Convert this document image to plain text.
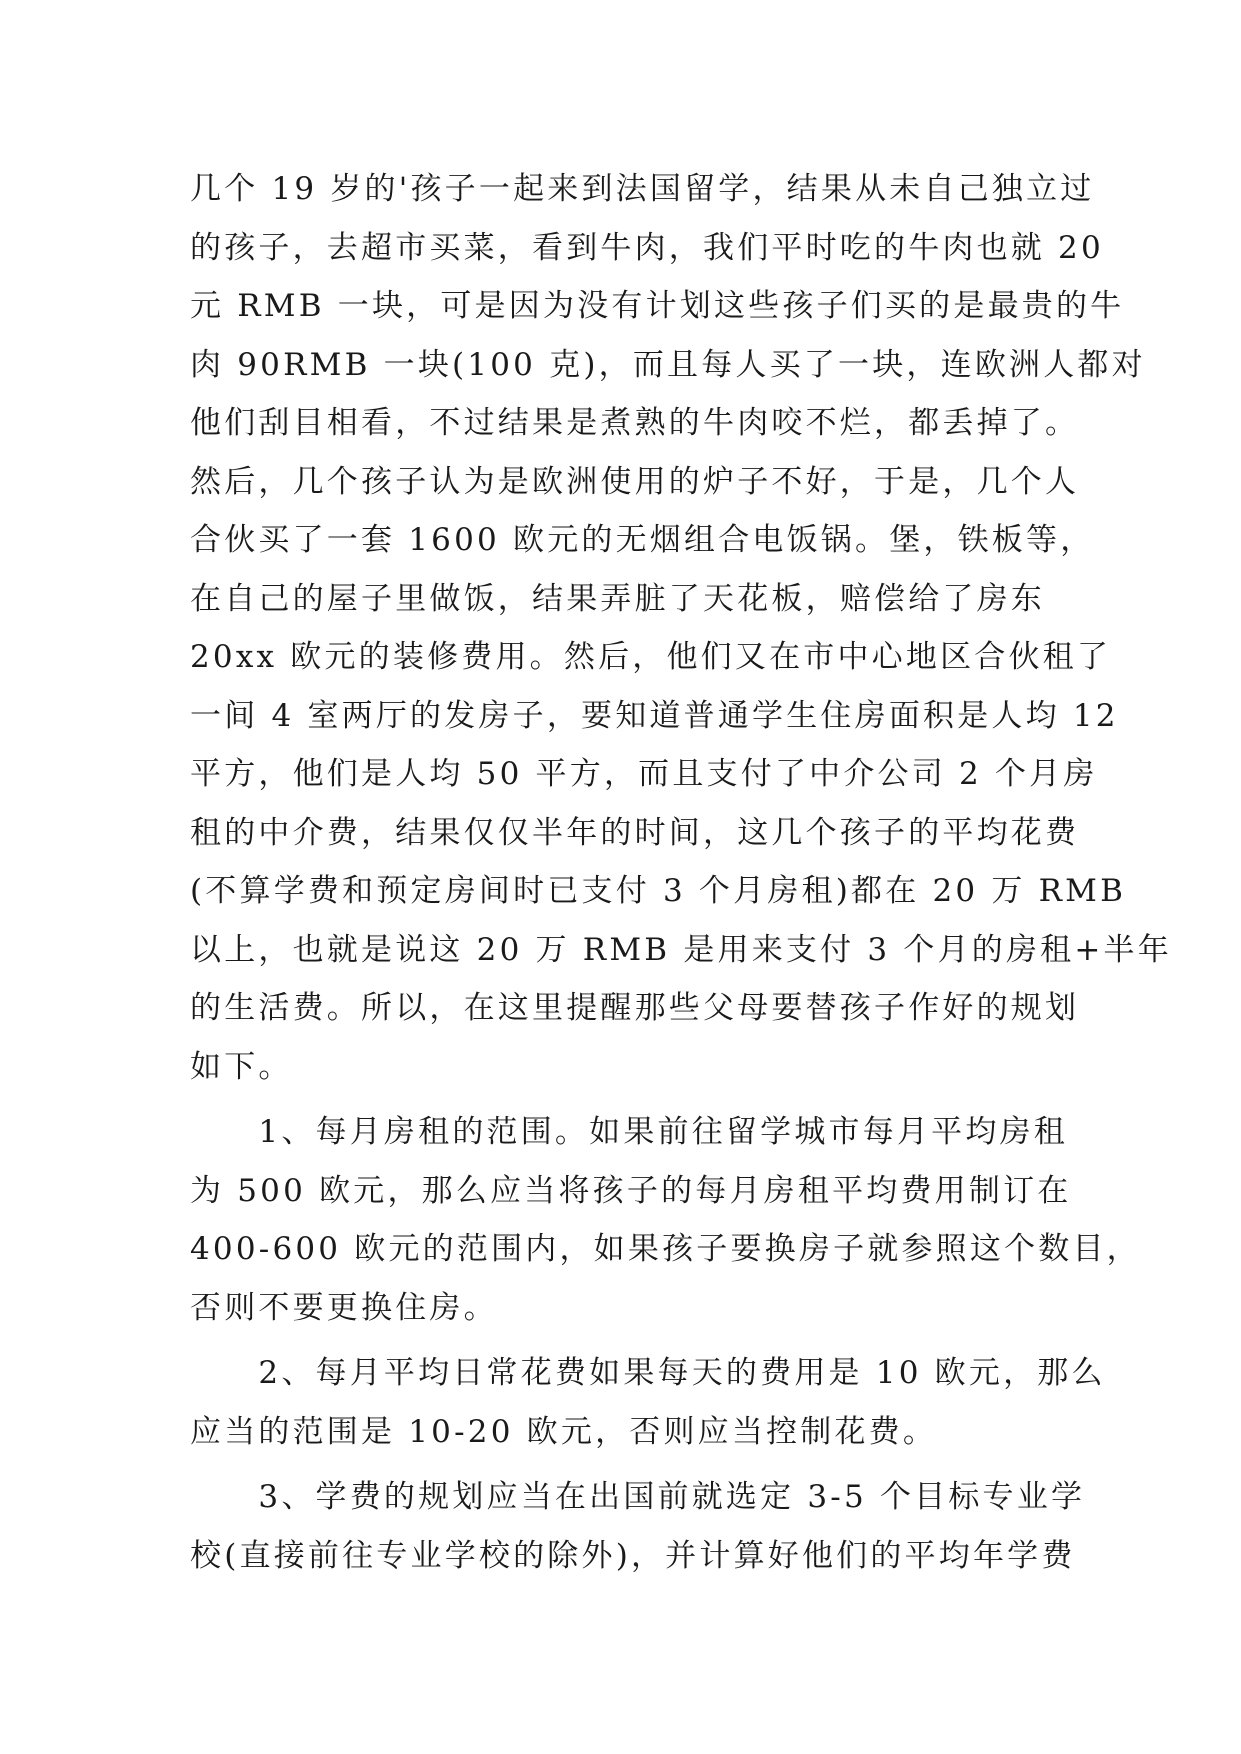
几个 19 岁的'孩子一起来到法国留学，结果从未自己独立过
的孩子，去超市买菜，看到牛肉，我们平时吃的牛肉也就 20
元 RMB 一块，可是因为没有计划这些孩子们买的是最贵的牛
肉 90RMB 一块(100 克)，而且每人买了一块，连欧洲人都对
他们刮目相看，不过结果是煮熟的牛肉咬不烂，都丢掉了。
然后，几个孩子认为是欧洲使用的炉子不好，于是，几个人
合伙买了一套 1600 欧元的无烟组合电饭锅。堡，铁板等，
在自己的屋子里做饭，结果弄脏了天花板，赔偿给了房东
20xx 欧元的装修费用。然后，他们又在市中心地区合伙租了
一间 4 室两厅的发房子，要知道普通学生住房面积是人均 12
平方，他们是人均 50 平方，而且支付了中介公司 2 个月房
租的中介费，结果仅仅半年的时间，这几个孩子的平均花费
(不算学费和预定房间时已支付 3 个月房租)都在 20 万 RMB
以上，也就是说这 20 万 RMB 是用来支付 3 个月的房租+半年
的生活费。所以，在这里提醒那些父母要替孩子作好的规划
如下。
　　1、每月房租的范围。如果前往留学城市每月平均房租
为 500 欧元，那么应当将孩子的每月房租平均费用制订在
400-600 欧元的范围内，如果孩子要换房子就参照这个数目，
否则不要更换住房。
　　2、每月平均日常花费如果每天的费用是 10 欧元，那么
应当的范围是 10-20 欧元，否则应当控制花费。
　　3、学费的规划应当在出国前就选定 3-5 个目标专业学
校(直接前往专业学校的除外)，并计算好他们的平均年学费
